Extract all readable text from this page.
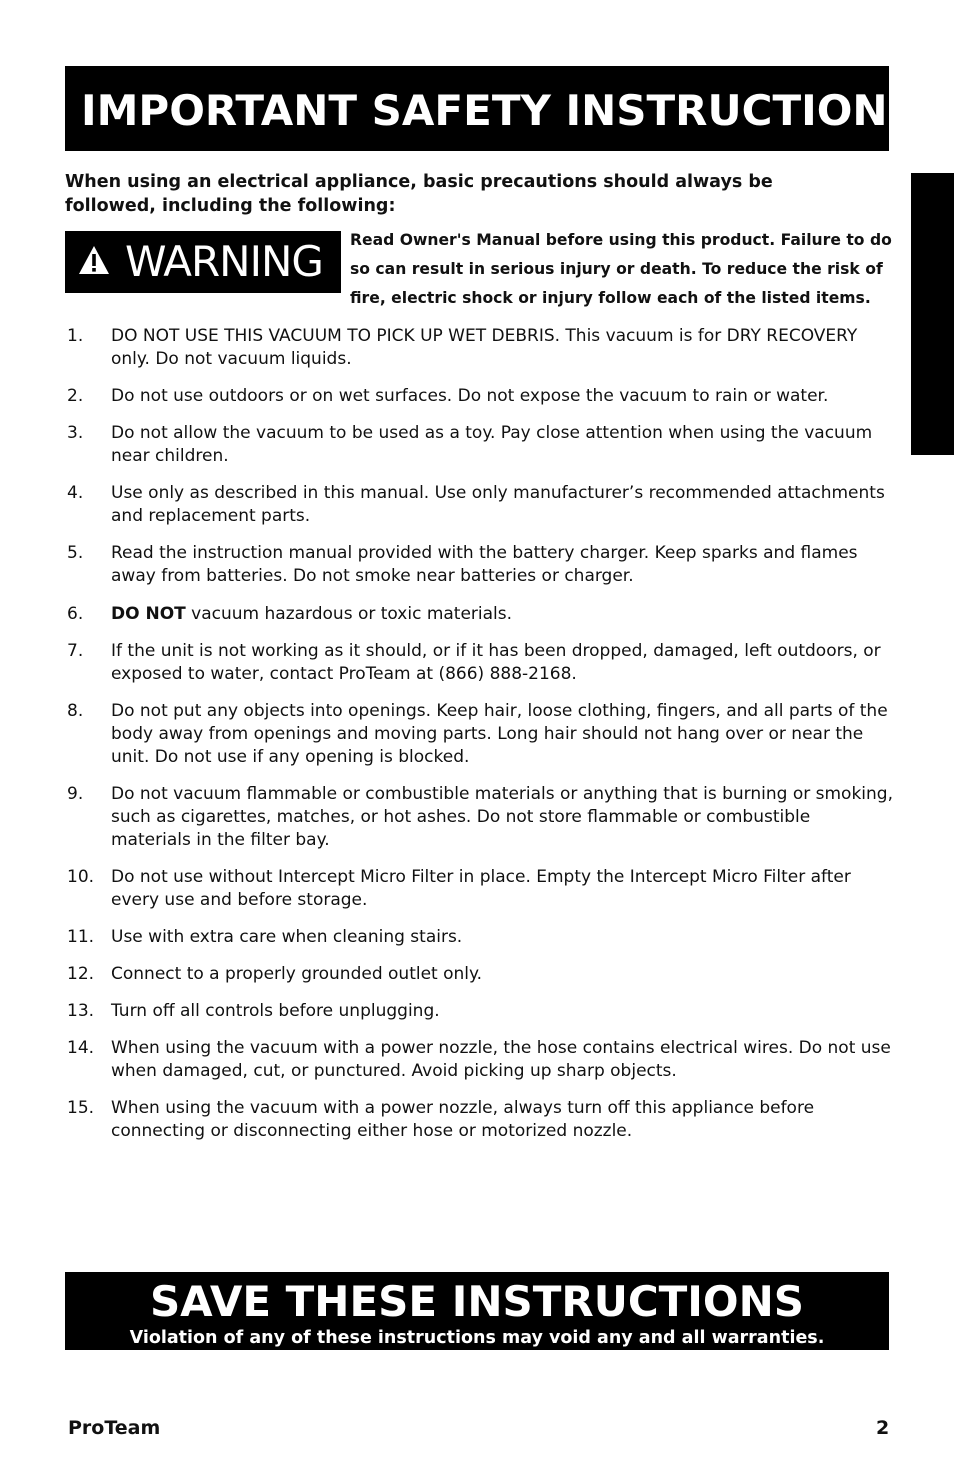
IMPORTANT SAFETY INSTRUCTIONS

When using an electrical appliance, basic precautions should always be followed, including the following:

WARNING Read Owner's Manual before using this product. Failure to do so can result in serious injury or death. To reduce the risk of fire, electric shock or injury follow each of the listed items.

1. DO NOT USE THIS VACUUM TO PICK UP WET DEBRIS. This vacuum is for DRY RECOVERY only. Do not vacuum liquids.
2. Do not use outdoors or on wet surfaces. Do not expose the vacuum to rain or water.
3. Do not allow the vacuum to be used as a toy. Pay close attention when using the vacuum near children.
4. Use only as described in this manual. Use only manufacturer’s recommended attachments and replacement parts.
5. Read the instruction manual provided with the battery charger. Keep sparks and flames away from batteries. Do not smoke near batteries or charger.
6. DO NOT vacuum hazardous or toxic materials.
7. If the unit is not working as it should, or if it has been dropped, damaged, left outdoors, or exposed to water, contact ProTeam at (866) 888-2168.
8. Do not put any objects into openings. Keep hair, loose clothing, fingers, and all parts of the body away from openings and moving parts. Long hair should not hang over or near the unit. Do not use if any opening is blocked.
9. Do not vacuum flammable or combustible materials or anything that is burning or smoking, such as cigarettes, matches, or hot ashes. Do not store flammable or combustible materials in the filter bay.
10. Do not use without Intercept Micro Filter in place. Empty the Intercept Micro Filter after every use and before storage.
11. Use with extra care when cleaning stairs.
12. Connect to a properly grounded outlet only.
13. Turn off all controls before unplugging.
14. When using the vacuum with a power nozzle, the hose contains electrical wires. Do not use when damaged, cut, or punctured. Avoid picking up sharp objects.
15. When using the vacuum with a power nozzle, always turn off this appliance before connecting or disconnecting either hose or motorized nozzle.
SAVE THESE INSTRUCTIONS
Violation of any of these instructions may void any and all warranties.
ProTeam	2
